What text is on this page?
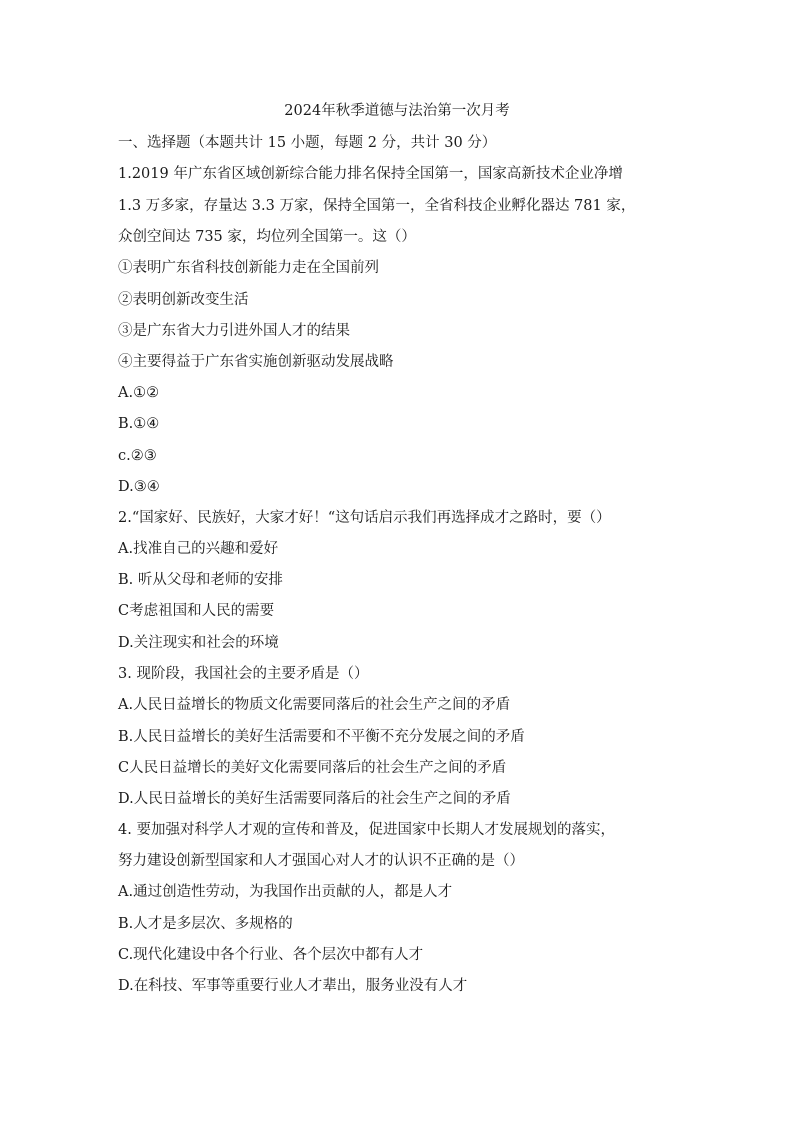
2024年秋季道德与法治第一次月考
一、选择题（本题共计 15 小题，每题 2 分，共计 30 分）
1.2019 年广东省区域创新综合能力排名保持全国第一，国家高新技术企业净增
1.3 万多家，存量达 3.3 万家，保持全国第一，全省科技企业孵化器达 781 家，
众创空间达 735 家，均位列全国第一。这（）
①表明广东省科技创新能力走在全国前列
②表明创新改变生活
③是广东省大力引进外国人才的结果
④主要得益于广东省实施创新驱动发展战略
A.①②
B.①④
c.②③
D.③④
2.“国家好、民族好，大家才好！“这句话启示我们再选择成才之路时，要（）
A.找准自己的兴趣和爱好
B. 听从父母和老师的安排
C考虑祖国和人民的需要
D.关注现实和社会的环境
3. 现阶段，我国社会的主要矛盾是（）
A.人民日益增长的物质文化需要同落后的社会生产之间的矛盾
B.人民日益增长的美好生活需要和不平衡不充分发展之间的矛盾
C人民日益增长的美好文化需要同落后的社会生产之间的矛盾
D.人民日益增长的美好生活需要同落后的社会生产之间的矛盾
4. 要加强对科学人才观的宣传和普及，促进国家中长期人才发展规划的落实，
努力建设创新型国家和人才强国心对人才的认识不正确的是（）
A.通过创造性劳动，为我国作出贡献的人，都是人才
B.人才是多层次、多规格的
C.现代化建设中各个行业、各个层次中都有人才
D.在科技、军事等重要行业人才辈出，服务业没有人才
